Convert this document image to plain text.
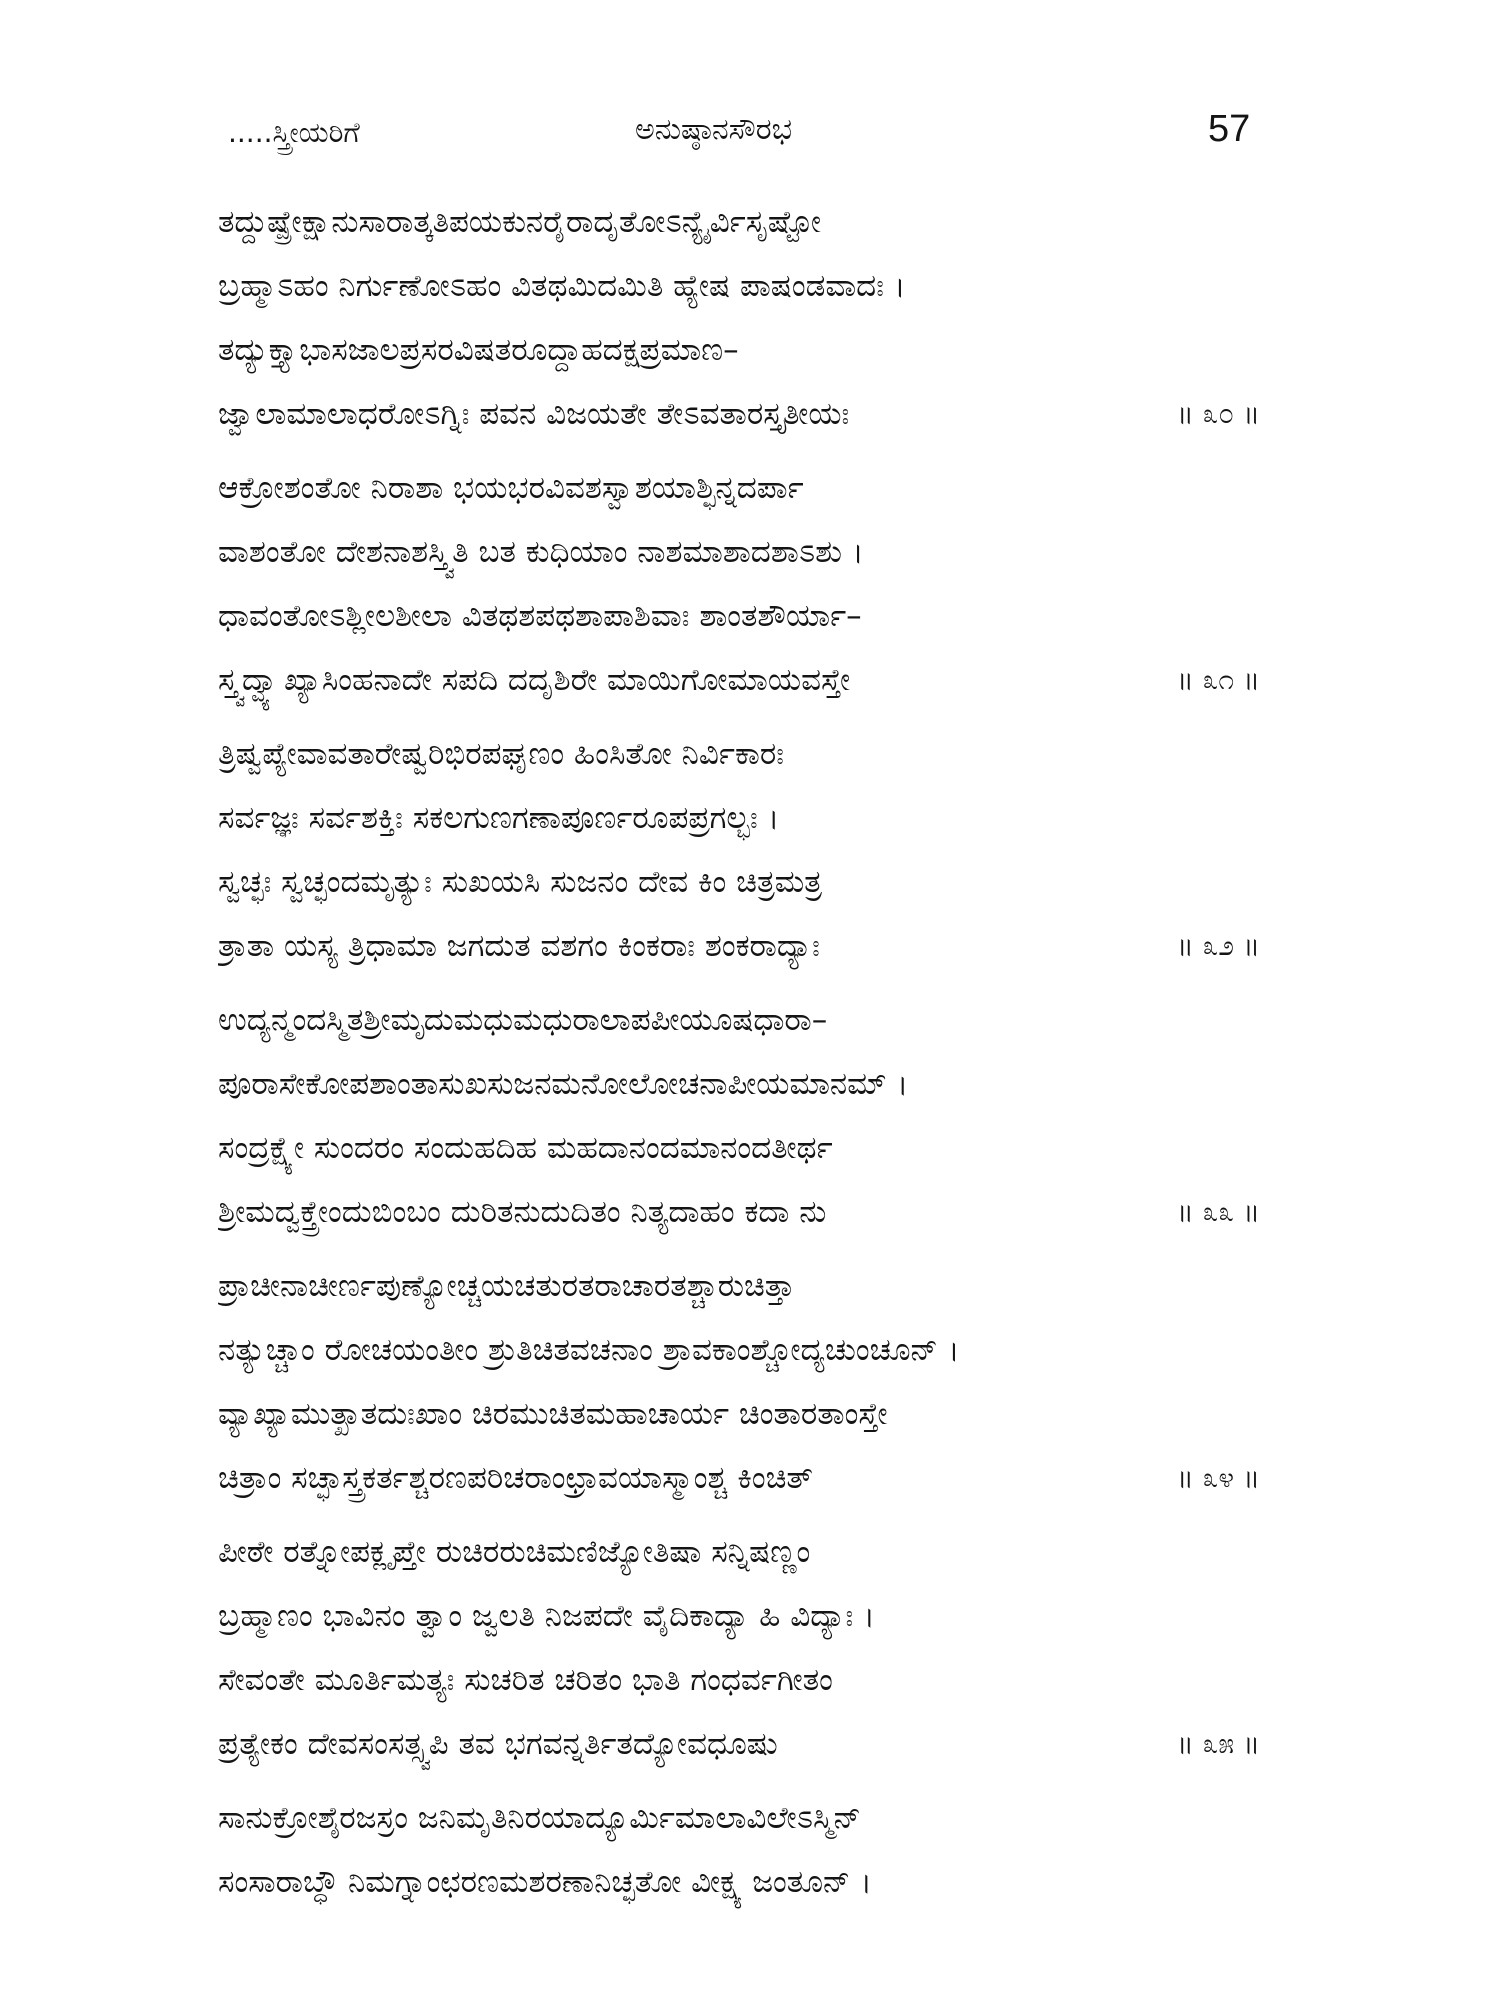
.....ಸ್ತ್ರೀಯರಿಗೆ	ಅನುಷ್ಠಾನಸೌರಭ	57
ತದ್ದುಷ್ಪ್ರೇಕ್ಷಾನುಸಾರಾತ್ಕತಿಪಯಕುನರೈರಾದೃತೋಽನ್ಯೈರ್ವಿಸೃಷ್ಟೋ
ಬ್ರಹ್ಮಾಽಹಂ ನಿರ್ಗುಣೋಽಹಂ ವಿತಥಮಿದಮಿತಿ ಹ್ಯೇಷ ಪಾಷಂಡವಾದಃ ।
ತದ್ಯುಕ್ತ್ಯಾಭಾಸಜಾಲಪ್ರಸರವಿಷತರೂದ್ದಾಹದಕ್ಷಪ್ರಮಾಣ–
ಜ್ವಾಲಾಮಾಲಾಧರೋಽಗ್ನಿಃ ಪವನ ವಿಜಯತೇ ತೇಽವತಾರಸ್ತೃತೀಯಃ	॥ ೩೦ ॥
ಆಕ್ರೋಶಂತೋ ನಿರಾಶಾ ಭಯಭರವಿವಶಸ್ವಾಶಯಾಶ್ಛಿನ್ನದರ್ಪಾ
ವಾಶಂತೋ ದೇಶನಾಶಸ್ತ್ವಿತಿ ಬತ ಕುಧಿಯಾಂ ನಾಶಮಾಶಾದಶಾಽಶು ।
ಧಾವಂತೋಽಶ್ಲೀಲಶೀಲಾ ವಿತಥಶಪಥಶಾಪಾಶಿವಾಃ ಶಾಂತಶೌರ್ಯಾ–
ಸ್ತ್ವದ್ವ್ಯಾಖ್ಯಾಸಿಂಹನಾದೇ ಸಪದಿ ದದೃಶಿರೇ ಮಾಯಿಗೋಮಾಯವಸ್ತೇ	॥ ೩೧ ॥
ತ್ರಿಷ್ವಪ್ಯೇವಾವತಾರೇಷ್ವರಿಭಿರಪಘೃಣಂ ಹಿಂಸಿತೋ ನಿರ್ವಿಕಾರಃ
ಸರ್ವಜ್ಞಃ ಸರ್ವಶಕ್ತಿಃ ಸಕಲಗುಣಗಣಾಪೂರ್ಣರೂಪಪ್ರಗಲ್ಭಃ ।
ಸ್ವಚ್ಛಃ ಸ್ವಚ್ಛಂದಮೃತ್ಯುಃ ಸುಖಯಸಿ ಸುಜನಂ ದೇವ ಕಿಂ ಚಿತ್ರಮತ್ರ
ತ್ರಾತಾ ಯಸ್ಯ ತ್ರಿಧಾಮಾ ಜಗದುತ ವಶಗಂ ಕಿಂಕರಾಃ ಶಂಕರಾದ್ಯಾಃ	॥ ೩೨ ॥
ಉದ್ಯನ್ಮಂದಸ್ಮಿತಶ್ರೀಮೃದುಮಧುಮಧುರಾಲಾಪಪೀಯೂಷಧಾರಾ–
ಪೂರಾಸೇಕೋಪಶಾಂತಾಸುಖಸುಜನಮನೋಲೋಚನಾಪೀಯಮಾನಮ್ ।
ಸಂದ್ರಕ್ಷ್ಯೇ ಸುಂದರಂ ಸಂದುಹದಿಹ ಮಹದಾನಂದಮಾನಂದತೀರ್ಥ
ಶ್ರೀಮದ್ವಕ್ತ್ರೇಂದುಬಿಂಬಂ ದುರಿತನುದುದಿತಂ ನಿತ್ಯದಾಹಂ ಕದಾ ನು	॥ ೩೩ ॥
ಪ್ರಾಚೀನಾಚೀರ್ಣಪುಣ್ಯೋಚ್ಚಯಚತುರತರಾಚಾರತಶ್ಚಾರುಚಿತ್ತಾ
ನತ್ಯುಚ್ಚಾಂ ರೋಚಯಂತೀಂ ಶ್ರುತಿಚಿತವಚನಾಂ ಶ್ರಾವಕಾಂಶ್ಚೋದ್ಯಚುಂಚೂನ್ ।
ವ್ಯಾಖ್ಯಾಮುತ್ಖಾತದುಃಖಾಂ ಚಿರಮುಚಿತಮಹಾಚಾರ್ಯ ಚಿಂತಾರತಾಂಸ್ತೇ
ಚಿತ್ರಾಂ ಸಚ್ಛಾಸ್ತ್ರಕರ್ತಶ್ಚರಣಪರಿಚರಾಂಛ್ರಾವಯಾಸ್ಮಾಂಶ್ಚ ಕಿಂಚಿತ್	॥ ೩೪ ॥
ಪೀಠೇ ರತ್ನೋಪಕ್ಲೃಪ್ತೇ ರುಚಿರರುಚಿಮಣಿಜ್ಯೋತಿಷಾ ಸನ್ನಿಷಣ್ಣಂ
ಬ್ರಹ್ಮಾಣಂ ಭಾವಿನಂ ತ್ವಾಂ ಜ್ವಲತಿ ನಿಜಪದೇ ವೈದಿಕಾದ್ಯಾ ಹಿ ವಿದ್ಯಾಃ ।
ಸೇವಂತೇ ಮೂರ್ತಿಮತ್ಯಃ ಸುಚರಿತ ಚರಿತಂ ಭಾತಿ ಗಂಧರ್ವಗೀತಂ
ಪ್ರತ್ಯೇಕಂ ದೇವಸಂಸತ್ಸ್ವಪಿ ತವ ಭಗವನ್ನರ್ತಿತದ್ಯೋವಧೂಷು	॥ ೩೫ ॥
ಸಾನುಕ್ರೋಶೈರಜಸ್ರಂ ಜನಿಮೃತಿನಿರಯಾದ್ಯೂರ್ಮಿಮಾಲಾವಿಲೇಽಸ್ಮಿನ್
ಸಂಸಾರಾಬ್ಧೌ ನಿಮಗ್ನಾಂಛರಣಮಶರಣಾನಿಚ್ಛತೋ ವೀಕ್ಷ್ಯ ಜಂತೂನ್ ।
